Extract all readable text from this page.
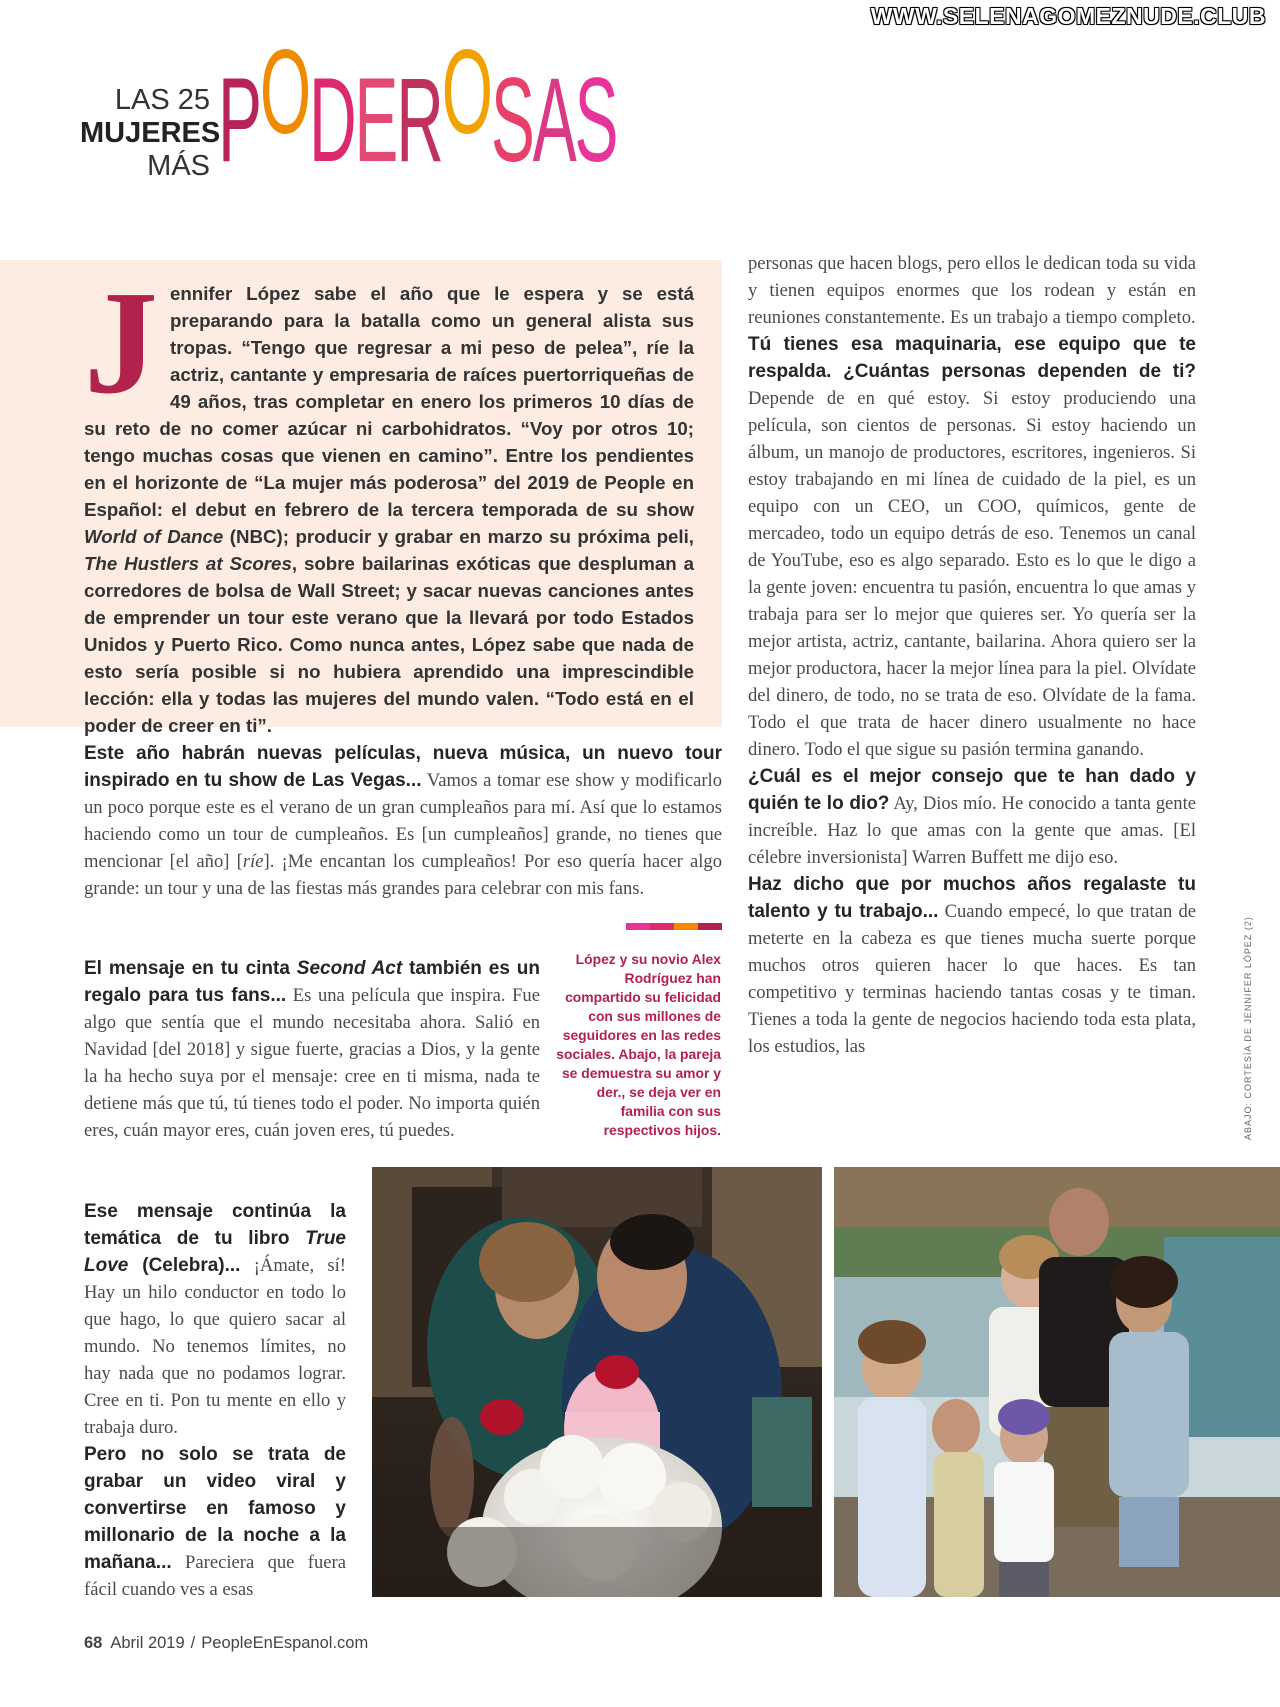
WWW.SELENAGOMEZNUDE.CLUB
LAS 25
MUJERES
MÁS PODEROSAS
Jennifer López sabe el año que le espera y se está preparando para la batalla como un general alista sus tropas. “Tengo que regresar a mi peso de pelea”, ríe la actriz, cantante y empresaria de raíces puertorriqueñas de 49 años, tras completar en enero los primeros 10 días de su reto de no comer azúcar ni carbohidratos. “Voy por otros 10; tengo muchas cosas que vienen en camino”. Entre los pendientes en el horizonte de “La mujer más poderosa” del 2019 de People en Español: el debut en febrero de la tercera temporada de su show World of Dance (NBC); producir y grabar en marzo su próxima peli, The Hustlers at Scores, sobre bailarinas exóticas que despluman a corredores de bolsa de Wall Street; y sacar nuevas canciones antes de emprender un tour este verano que la llevará por todo Estados Unidos y Puerto Rico. Como nunca antes, López sabe que nada de esto sería posible si no hubiera aprendido una imprescindible lección: ella y todas las mujeres del mundo valen. “Todo está en el poder de creer en ti”.

Este año habrán nuevas películas, nueva música, un nuevo tour inspirado en tu show de Las Vegas... Vamos a tomar ese show y modificarlo un poco porque este es el verano de un gran cumpleaños para mí. Así que lo estamos haciendo como un tour de cumpleaños. Es [un cumpleaños] grande, no tienes que mencionar [el año] [ríe]. ¡Me encantan los cumpleaños! Por eso quería hacer algo grande: un tour y una de las fiestas más grandes para celebrar con mis fans.

El mensaje en tu cinta Second Act también es un regalo para tus fans... Es una película que inspira. Fue algo que sentía que el mundo necesitaba ahora. Salió en Navidad [del 2018] y sigue fuerte, gracias a Dios, y la gente la ha hecho suya por el mensaje: cree en ti misma, nada te detiene más que tú, tú tienes todo el poder. No importa quién eres, cuán mayor eres, cuán joven eres, tú puedes.

Ese mensaje continúa la temática de tu libro True Love (Celebra)... ¡Ámate, sí! Hay un hilo conductor en todo lo que hago, lo que quiero sacar al mundo. No tenemos límites, no hay nada que no podamos lograr. Cree en ti. Pon tu mente en ello y trabaja duro.

Pero no solo se trata de grabar un video viral y convertirse en famoso y millonario de la noche a la mañana... Pareciera que fuera fácil cuando ves a esas

personas que hacen blogs, pero ellos le dedican toda su vida y tienen equipos enormes que los rodean y están en reuniones constantemente. Es un trabajo a tiempo completo.

Tú tienes esa maquinaria, ese equipo que te respalda. ¿Cuántas personas dependen de ti? Depende de en qué estoy. Si estoy produciendo una película, son cientos de personas. Si estoy haciendo un álbum, un manojo de productores, escritores, ingenieros. Si estoy trabajando en mi línea de cuidado de la piel, es un equipo con un CEO, un COO, químicos, gente de mercadeo, todo un equipo detrás de eso. Tenemos un canal de YouTube, eso es algo separado. Esto es lo que le digo a la gente joven: encuentra tu pasión, encuentra lo que amas y trabaja para ser lo mejor que quieres ser. Yo quería ser la mejor artista, actriz, cantante, bailarina. Ahora quiero ser la mejor productora, hacer la mejor línea para la piel. Olvídate del dinero, de todo, no se trata de eso. Olvídate de la fama. Todo el que trata de hacer dinero usualmente no hace dinero. Todo el que sigue su pasión termina ganando.

¿Cuál es el mejor consejo que te han dado y quién te lo dio? Ay, Dios mío. He conocido a tanta gente increíble. Haz lo que amas con la gente que amas. [El célebre inversionista] Warren Buffett me dijo eso.

Haz dicho que por muchos años regalaste tu talento y tu trabajo... Cuando empecé, lo que tratan de meterte en la cabeza es que tienes mucha suerte porque muchos otros quieren hacer lo que haces. Es tan competitivo y terminas haciendo tantas cosas y te timan. Tienes a toda la gente de negocios haciendo toda esta plata, los estudios, las

López y su novio Alex Rodríguez han compartido su felicidad con sus millones de seguidores en las redes sociales. Abajo, la pareja se demuestra su amor y der., se deja ver en familia con sus respectivos hijos.	ABAJO: CORTESÍA DE JENNIFER LÓPEZ (2)
68 Abril 2019 / PeopleEnEspanol.com
